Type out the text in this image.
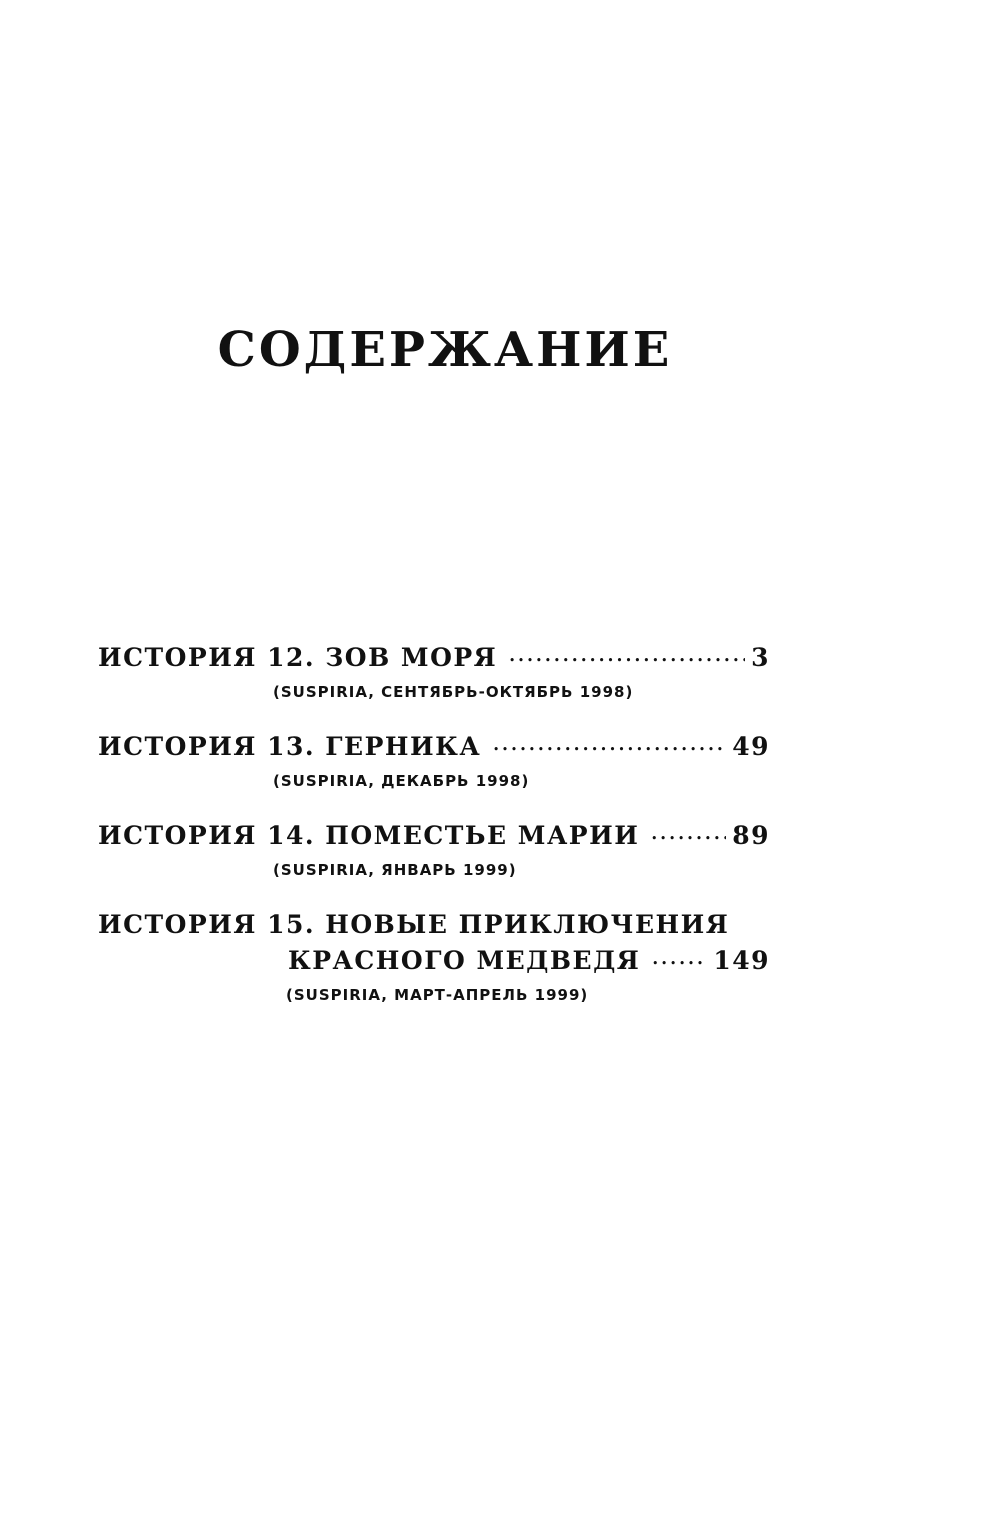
СОДЕРЖАНИЕ
ИСТОРИЯ 12. ЗОВ МОРЯ •••••	3
(SUSPIRIA, СЕНТЯБРЬ-ОКТЯБРЬ 1998)
ИСТОРИЯ 13. ГЕРНИКА •••••	49
(SUSPIRIA, ДЕКАБРЬ 1998)
ИСТОРИЯ 14. ПОМЕСТЬЕ МАРИИ •••••	89
(SUSPIRIA, ЯНВАРЬ 1999)
ИСТОРИЯ 15. НОВЫЕ ПРИКЛЮЧЕНИЯ
КРАСНОГО МЕДВЕДЯ •••••	149
(SUSPIRIA, МАРТ-АПРЕЛЬ 1999)
